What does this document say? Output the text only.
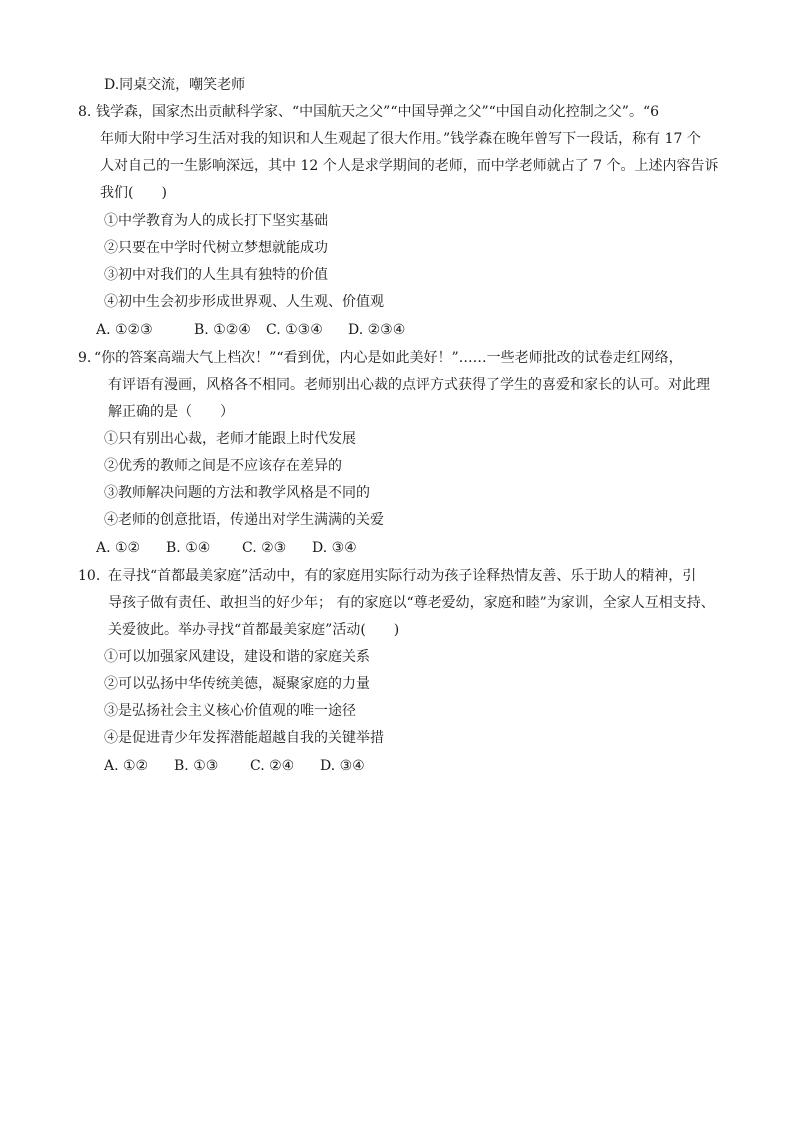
D.同桌交流，嘲笑老师
8. 钱学森，国家杰出贡献科学家、“中国航天之父”“中国导弹之父”“中国自动化控制之父”。“6
年师大附中学习生活对我的知识和人生观起了很大作用。”钱学森在晚年曾写下一段话，称有 17 个
人对自己的一生影响深远，其中 12 个人是求学期间的老师，而中学老师就占了 7 个。上述内容告诉
我们(　　)
①中学教育为人的成长打下坚实基础
②只要在中学时代树立梦想就能成功
③初中对我们的人生具有独特的价值
④初中生会初步形成世界观、人生观、价值观
A. ①②③	B. ①②④ C. ①③④ D. ②③④
9. “你的答案高端大气上档次！”“看到优，内心是如此美好！”……一些老师批改的试卷走红网络，
有评语有漫画，风格各不相同。老师别出心裁的点评方式获得了学生的喜爱和家长的认可。对此理
解正确的是（　　）
①只有别出心裁，老师才能跟上时代发展
②优秀的教师之间是不应该存在差异的
③教师解决问题的方法和教学风格是不同的
④老师的创意批语，传递出对学生满满的关爱
A. ①② B. ①④ C. ②③ D. ③④
10. 在寻找“首都最美家庭”活动中，有的家庭用实际行动为孩子诠释热情友善、乐于助人的精神，引
导孩子做有责任、敢担当的好少年； 有的家庭以“尊老爱幼，家庭和睦”为家训，全家人互相支持、
关爱彼此。举办寻找“首都最美家庭”活动(　　)
①可以加强家风建设，建设和谐的家庭关系
②可以弘扬中华传统美德，凝聚家庭的力量
③是弘扬社会主义核心价值观的唯一途径
④是促进青少年发挥潜能超越自我的关键举措
A. ①② B. ①③ C. ②④ D. ③④
